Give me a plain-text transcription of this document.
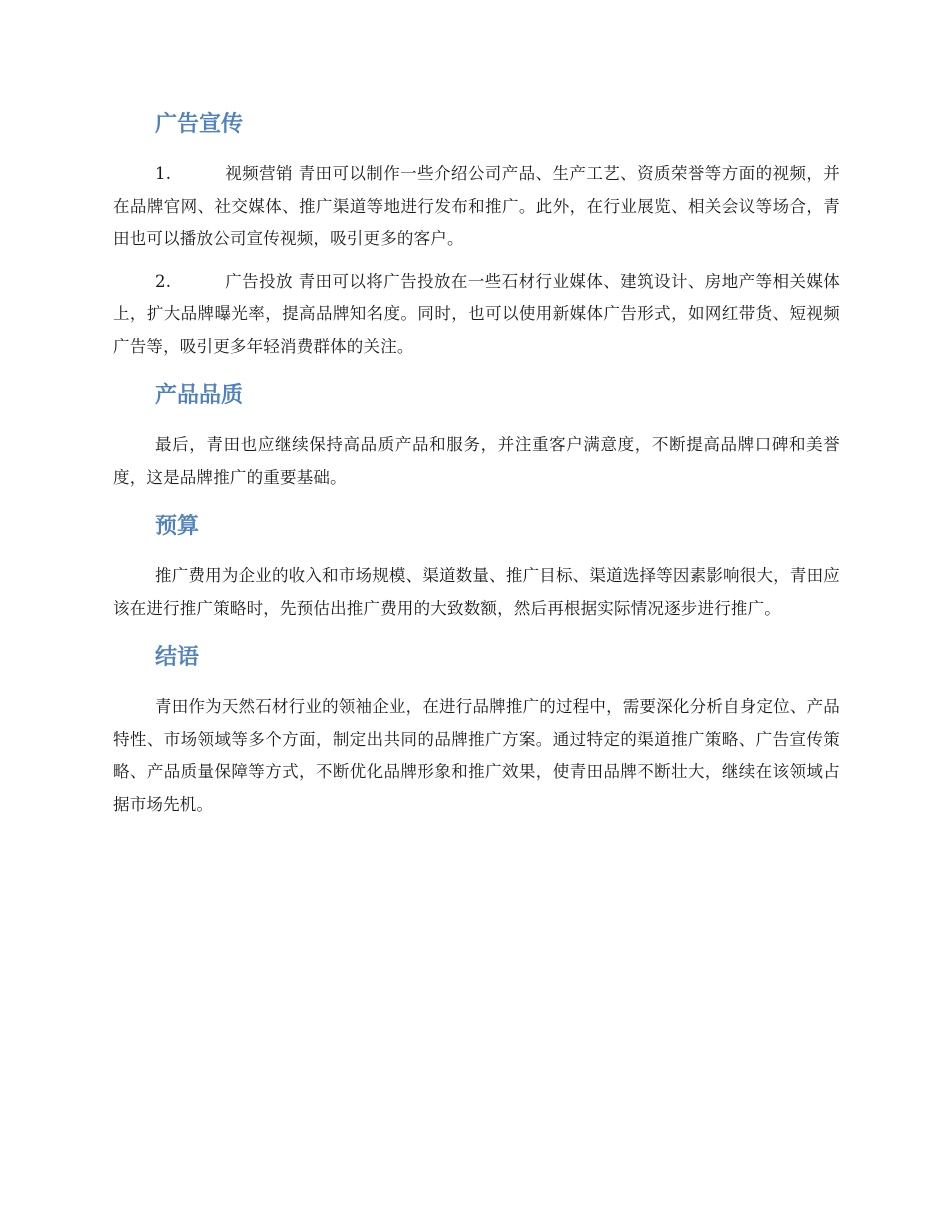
广告宣传

1.	视频营销 青田可以制作一些介绍公司产品、生产工艺、资质荣誉等方面的视频，并在品牌官网、社交媒体、推广渠道等地进行发布和推广。此外，在行业展览、相关会议等场合，青田也可以播放公司宣传视频，吸引更多的客户。

2.	广告投放 青田可以将广告投放在一些石材行业媒体、建筑设计、房地产等相关媒体上，扩大品牌曝光率，提高品牌知名度。同时，也可以使用新媒体广告形式，如网红带货、短视频广告等，吸引更多年轻消费群体的关注。

产品品质

最后，青田也应继续保持高品质产品和服务，并注重客户满意度，不断提高品牌口碑和美誉度，这是品牌推广的重要基础。

预算

推广费用为企业的收入和市场规模、渠道数量、推广目标、渠道选择等因素影响很大，青田应该在进行推广策略时，先预估出推广费用的大致数额，然后再根据实际情况逐步进行推广。

结语

青田作为天然石材行业的领袖企业，在进行品牌推广的过程中，需要深化分析自身定位、产品特性、市场领域等多个方面，制定出共同的品牌推广方案。通过特定的渠道推广策略、广告宣传策略、产品质量保障等方式，不断优化品牌形象和推广效果，使青田品牌不断壮大，继续在该领域占据市场先机。
